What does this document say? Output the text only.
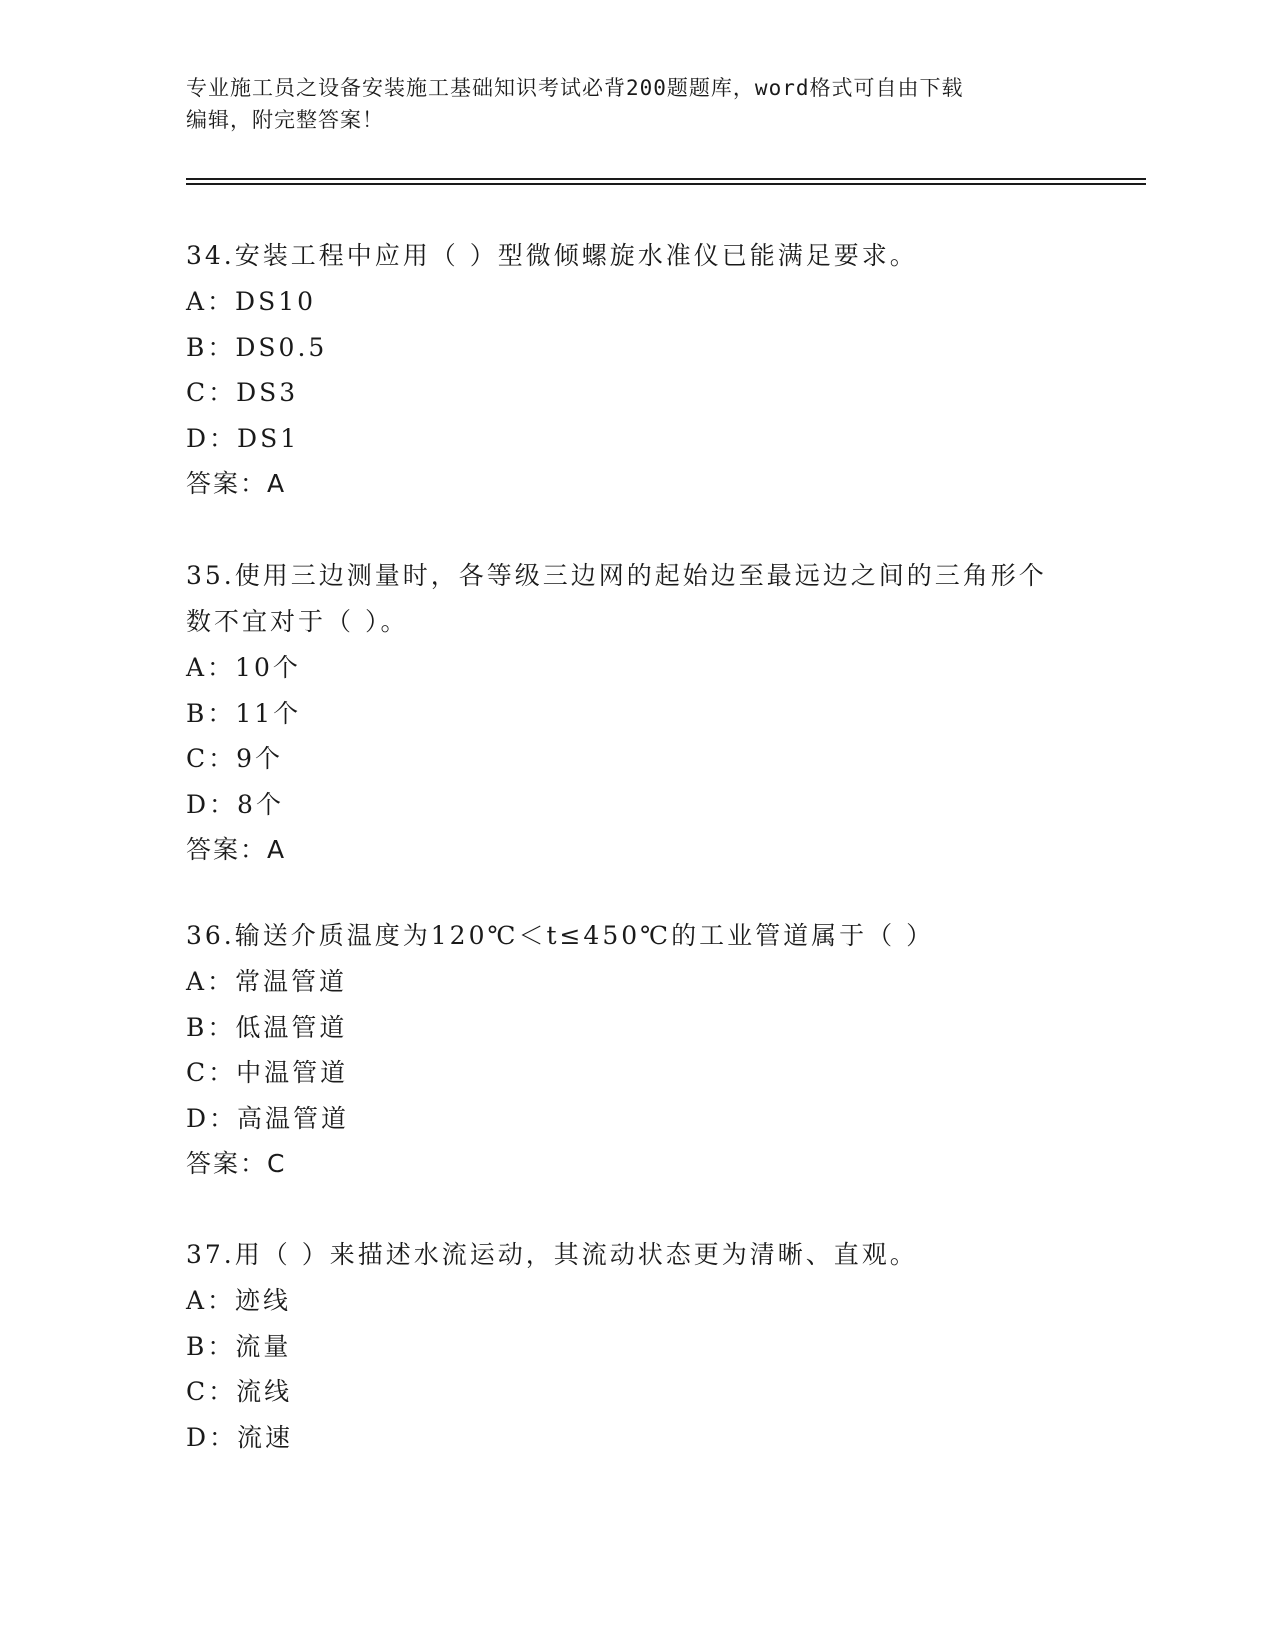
专业施工员之设备安装施工基础知识考试必背200题题库，word格式可自由下载
编辑，附完整答案！

34.安装工程中应用（ ）型微倾螺旋水准仪已能满足要求。

A：DS10

B：DS0.5

C：DS3

D：DS1

答案：A

35.使用三边测量时，各等级三边网的起始边至最远边之间的三角形个

数不宜对于（ ）。

A：10个

B：11个

C：9个

D：8个

答案：A

36.输送介质温度为120℃＜t≤450℃的工业管道属于（ ）

A：常温管道

B：低温管道

C：中温管道

D：高温管道

答案：C

37.用（ ）来描述水流运动，其流动状态更为清晰、直观。

A：迹线

B：流量

C：流线

D：流速
